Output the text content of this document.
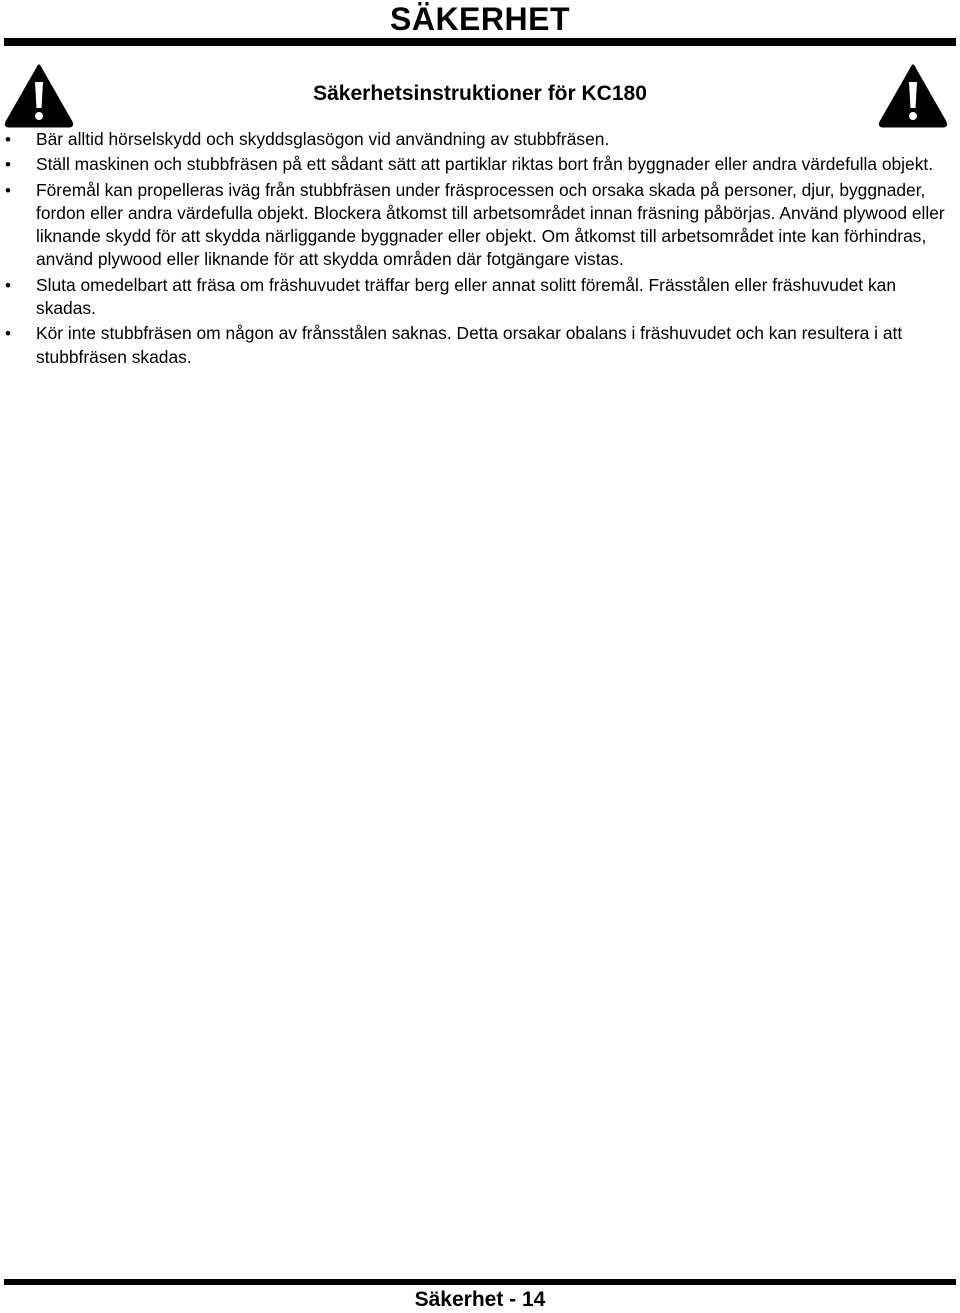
SÄKERHET
Säkerhetsinstruktioner för KC180
• Bär alltid hörselskydd och skyddsglasögon vid användning av stubbfräsen.
• Ställ maskinen och stubbfräsen på ett sådant sätt att partiklar riktas bort från byggnader eller andra värdefulla objekt.
• Föremål kan propelleras iväg från stubbfräsen under fräsprocessen och orsaka skada på personer, djur, byggnader, fordon eller andra värdefulla objekt. Blockera åtkomst till arbetsområdet innan fräsning påbörjas. Använd plywood eller liknande skydd för att skydda närliggande byggnader eller objekt. Om åtkomst till arbetsområdet inte kan förhindras, använd plywood eller liknande för att skydda områden där fotgängare vistas.
• Sluta omedelbart att fräsa om fräshuvudet träffar berg eller annat solitt föremål. Frässtålen eller fräshuvudet kan skadas.
• Kör inte stubbfräsen om någon av frånsstålen saknas. Detta orsakar obalans i fräshuvudet och kan resultera i att stubbfräsen skadas.
Säkerhet - 14
